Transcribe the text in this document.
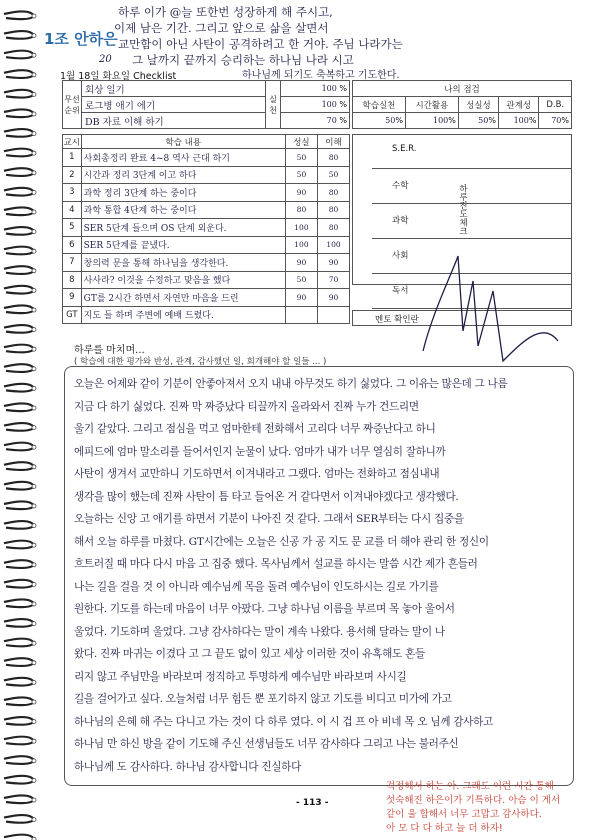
하루 이가 @늘 또한번 성장하게 해 주시고,
이제 남은 기간. 그리고 앞으로 삶을 살면서
1조 안하은 교만함이 아닌 사탄이 공격하려고 한 거야. 주님 나라가는
20 그 날까지 끝까지 승리하는 하나님 나라 시고
1월 18일 화요일 Checklist	하나님께 되기도 축복하고 기도한다.
무선순위	회상 일기	실천	100 %
	로그병 애기 에기		100 %
	DB 자료 이해 하기		70 %
나의 점검				
학습실천	시간활용	성실성	관계성	D.B.
50%	100%	50%	100%	70%
교시	학습 내용	성실	이해
1	사회총정리 완료 4~8 역사 근대 하기	50	80
2	시간과 정리 3단계 이고 하다	50	50
3	과학 정리 3단계 하는 중이다	90	80
4	과학 통합 4단계 하는 중이다	80	80
5	SER 5단계 들으며 OS 단계 외운다.	100	80
6	SER 5단계를 끝냈다.	100	100
7	창의력 문을 통해 하나님을 생각한다.	90	90
8	사사라? 이것을 수정하고 맞음을 했다	50	70
9	GT를 2시간 하면서 자연만 마음을 드린	90	90
GT	지도 들 하며 주변에 예배 드렸다.		
하루진도체크
S.E.R.
수학
과학
사회
독서
멘토 확인란
하루를 마치며...
( 학습에 대한 평가와 반성, 관계, 감사했던 일, 회개해야 할 일들 ... )
오늘은 어제와 같이 기분이 안좋아져서 오지 내내 아무것도 하기 싫었다. 그 이유는 많은데 그 나름
지금 다 하기 싫었다. 진짜 막 짜증났다 티끌까지 올라와서 진짜 누가 건드리면
울기 같았다. 그리고 점심을 먹고 엄마한테 전화해서 고리다 너무 짜증난다고 하니
에피드에 엄마 말소리를 들어서인지 눈물이 났다. 엄마가 내가 너무 열심히 잘하니까
사탄이 생겨서 교만하니 기도하면서 이겨내라고 그랬다. 엄마는 전화하고 점심내내
생각을 많이 했는데 진짜 사탄이 틈 타고 들어온 거 같다면서 이겨내야겠다고 생각했다.
오늘하는 신앙 고 애기를 하면서 기분이 나아진 것 같다. 그래서 SER부터는 다시 집중을
해서 오늘 하루를 마쳤다. GT시간에는 오늘은 신공 가 공 지도 문 교를 더 해야 관리 한 정신이
흐트러질 때 마다 다시 마음 고 집중 했다. 목사님께서 설교를 하시는 말씀 시간 제가 흔들러
나는 길을 걸을 것 이 아니라 예수님께 목을 돌려 예수님이 인도하시는 길로 가기를
원한다. 기도를 하는데 마음이 너무 아팠다. 그냥 하나님 이름을 부르며 목 놓아 울어서
울었다. 기도하며 울었다. 그냥 감사하다는 말이 계속 나왔다. 용서해 달라는 말이 나
왔다. 진짜 마귀는 이겼다 고 그 끝도 없이 있고 세상 이러한 것이 유혹해도 혼들
리지 않고 주님만을 바라보며 정직하고 투명하게 예수님만 바라보며 사시길
길을 걸어가고 싶다. 오늘처럼 너무 힘든 뿐 포기하지 않고 기도를 비디고 미가에 가고
하나님의 은혜 해 주는 다니고 가는 것이 다 하루 였다. 이 시 겁 프 아 비네 목 오 님께 감사하고
하나님 만 하신 방을 같이 기도해 주신 선생님들도 너무 감사하다 그리고 나는 불러주신
하나님께 도 감사하다. 하나님 감사합니다 진실하다
걱정해서 하는 아. 그래도 이런 시간 통해
섯숙해진 하은이가 기특하다. 아슴 이 게서
같이 울 합해서 너무 고맙고 감사하다.
아 모 다 다 하고 늘 더 하자!
- 113 -
